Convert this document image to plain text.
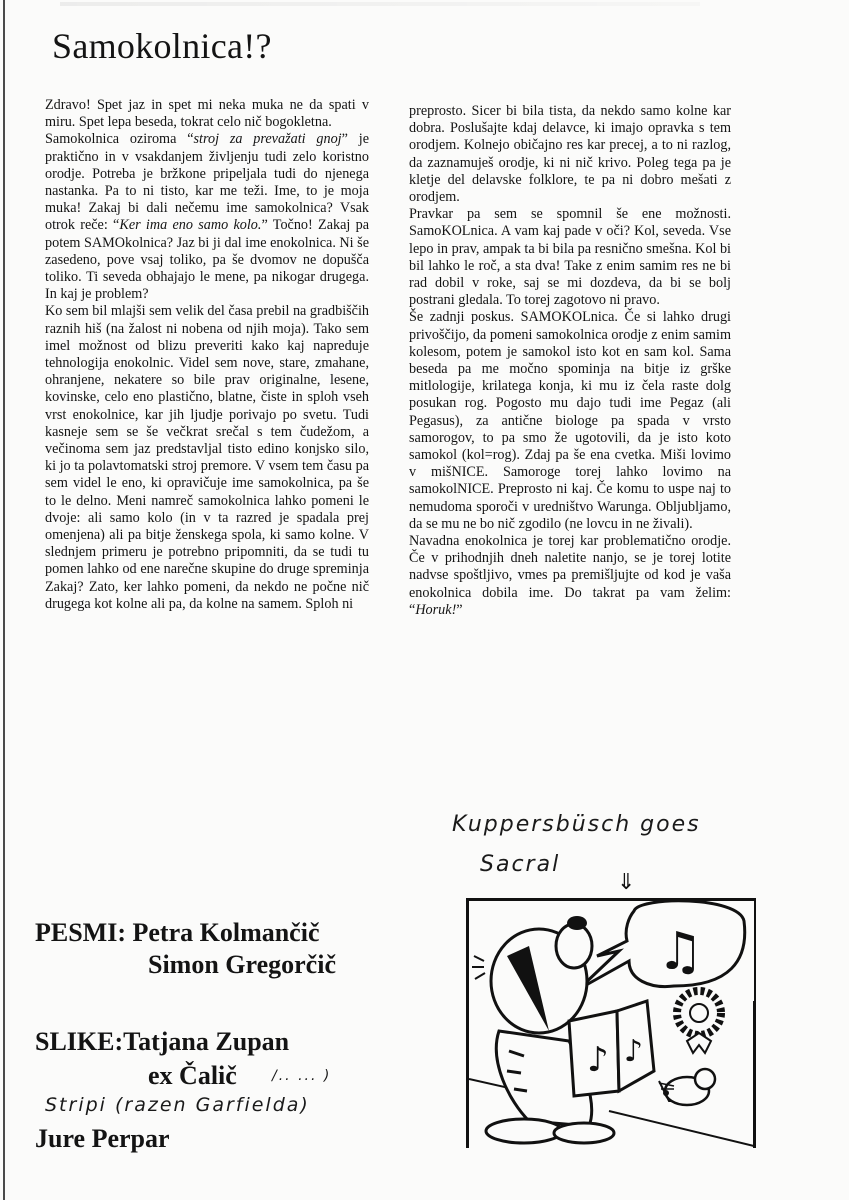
Samokolnica!?

Zdravo! Spet jaz in spet mi neka muka ne da spati v miru. Spet lepa beseda, tokrat celo nič bogokletna.

Samokolnica oziroma “stroj za prevažati gnoj” je praktično in v vsakdanjem življenju tudi zelo koristno orodje. Potreba je bržkone pripeljala tudi do njenega nastanka. Pa to ni tisto, kar me teži. Ime, to je moja muka! Zakaj bi dali nečemu ime samokolnica? Vsak otrok reče: “Ker ima eno samo kolo.” Točno! Zakaj pa potem SAMOkolnica? Jaz bi ji dal ime enokolnica. Ni še zasedeno, pove vsaj toliko, pa še dvomov ne dopušča toliko. Ti seveda obhajajo le mene, pa nikogar drugega. In kaj je problem?

Ko sem bil mlajši sem velik del časa prebil na gradbiščih raznih hiš (na žalost ni nobena od njih moja). Tako sem imel možnost od blizu preveriti kako kaj napreduje tehnologija enokolnic. Videl sem nove, stare, zmahane, ohranjene, nekatere so bile prav originalne, lesene, kovinske, celo eno plastično, blatne, čiste in sploh vseh vrst enokolnice, kar jih ljudje porivajo po svetu. Tudi kasneje sem se še večkrat srečal s tem čudežom, a večinoma sem jaz predstavljal tisto edino konjsko silo, ki jo ta polavtomatski stroj premore. V vsem tem času pa sem videl le eno, ki opravičuje ime samokolnica, pa še to le delno. Meni namreč samokolnica lahko pomeni le dvoje: ali samo kolo (in v ta razred je spadala prej omenjena) ali pa bitje ženskega spola, ki samo kolne. V slednjem primeru je potrebno pripomniti, da se tudi tu pomen lahko od ene narečne skupine do druge spreminja Zakaj? Zato, ker lahko pomeni, da nekdo ne počne nič drugega kot kolne ali pa, da kolne na samem. Sploh ni

preprosto. Sicer bi bila tista, da nekdo samo kolne kar dobra. Poslušajte kdaj delavce, ki imajo opravka s tem orodjem. Kolnejo običajno res kar precej, a to ni razlog, da zaznamuješ orodje, ki ni nič krivo. Poleg tega pa je kletje del delavske folklore, te pa ni dobro mešati z orodjem.

Pravkar pa sem se spomnil še ene možnosti. SamoKOLnica. A vam kaj pade v oči? Kol, seveda. Vse lepo in prav, ampak ta bi bila pa resnično smešna. Kol bi bil lahko le roč, a sta dva! Take z enim samim res ne bi rad dobil v roke, saj se mi dozdeva, da bi se bolj postrani gledala. To torej zagotovo ni pravo.

Še zadnji poskus. SAMOKOLnica. Če si lahko drugi privoščijo, da pomeni samokolnica orodje z enim samim kolesom, potem je samokol isto kot en sam kol. Sama beseda pa me močno spominja na bitje iz grške mitlologije, krilatega konja, ki mu iz čela raste dolg posukan rog. Pogosto mu dajo tudi ime Pegaz (ali Pegasus), za antične biologe pa spada v vrsto samorogov, to pa smo že ugotovili, da je isto koto samokol (kol=rog). Zdaj pa še ena cvetka. Miši lovimo v mišNICE. Samoroge torej lahko lovimo na samokolNICE. Preprosto ni kaj. Če komu to uspe naj to nemudoma sporoči v uredništvo Warunga. Obljubljamo, da se mu ne bo nič zgodilo (ne lovcu in ne živali).

Navadna enokolnica je torej kar problematično orodje. Če v prihodnjih dneh naletite nanjo, se je torej lotite nadvse spoštljivo, vmes pa premišljujte od kod je vaša enokolnica dobila ime. Do takrat pa vam želim: “Horuk!”

PESMI: Petra Kolmančič
Simon Gregorčič
SLIKE:Tatjana Zupan
ex Čalič	/.. ... )
Stripi (razen Garfielda)
Jure Perpar
Kuppersbüsch goes
Sacral
⇓
♫
♪ ♪
